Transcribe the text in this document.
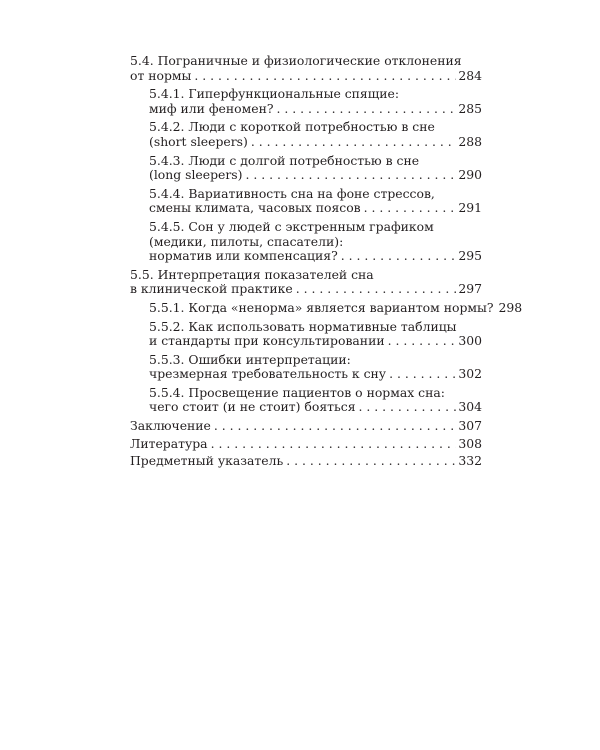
5.4. Пограничные и физиологические отклонения
от нормы . . .	284
5.4.1. Гиперфункциональные спящие:
миф или феномен? . . .	285
5.4.2. Люди с короткой потребностью в сне
(short sleepers) . . .	288
5.4.3. Люди с долгой потребностью в сне
(long sleepers) . . .	290
5.4.4. Вариативность сна на фоне стрессов,
смены климата, часовых поясов . . .	291
5.4.5. Сон у людей с экстренным графиком
(медики, пилоты, спасатели):
норматив или компенсация? . . .	295
5.5. Интерпретация показателей сна
в клинической практике . . .	297
5.5.1. Когда «ненорма» является вариантом нормы? 298
5.5.2. Как использовать нормативные таблицы
и стандарты при консультировании . . .	300
5.5.3. Ошибки интерпретации:
чрезмерная требовательность к сну . . .	302
5.5.4. Просвещение пациентов о нормах сна:
чего стоит (и не стоит) бояться . . .	304
Заключение . . .	307
Литература . . .	308
Предметный указатель . . .	332
